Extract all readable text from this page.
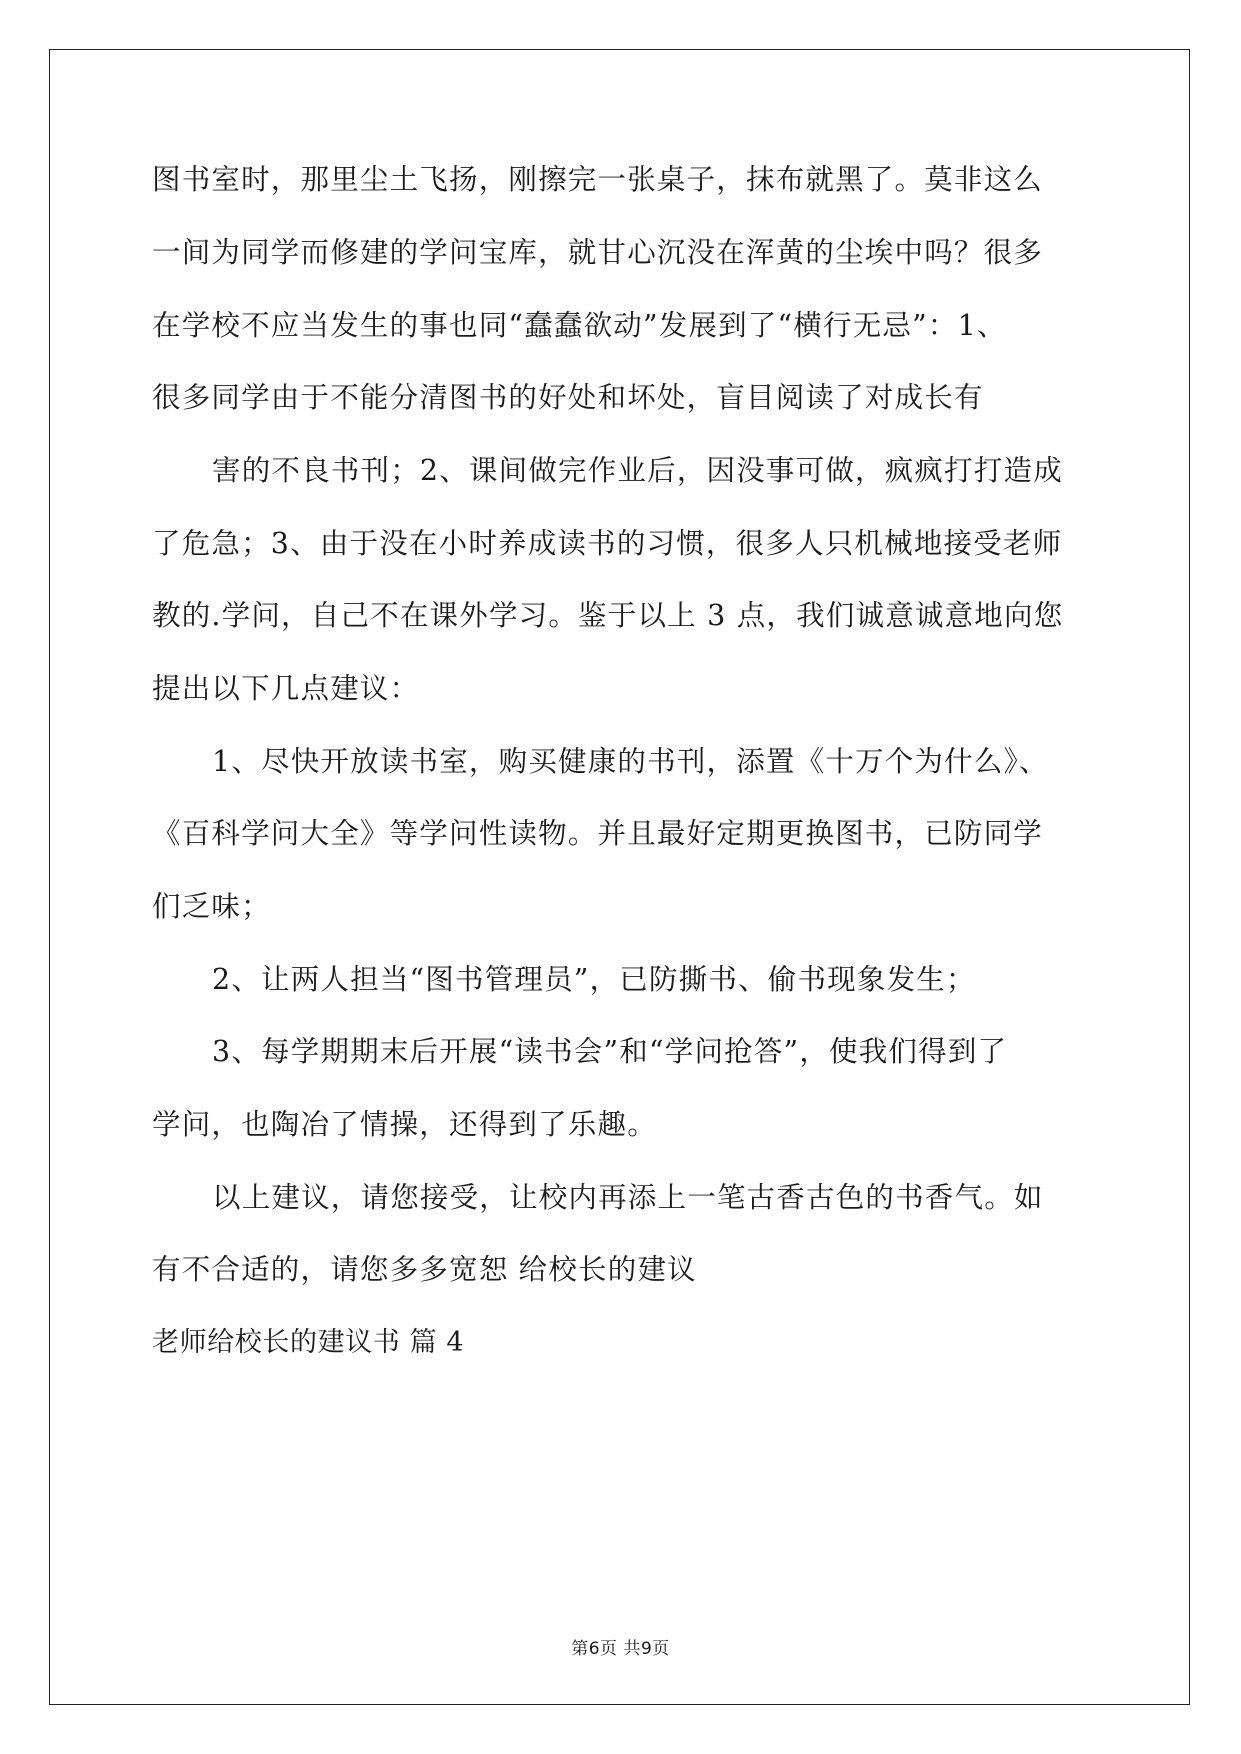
图书室时，那里尘土飞扬，刚擦完一张桌子，抹布就黑了。莫非这么

一间为同学而修建的学问宝库，就甘心沉没在浑黄的尘埃中吗？很多

在学校不应当发生的事也同“蠢蠢欲动”发展到了“横行无忌”：1、

很多同学由于不能分清图书的好处和坏处，盲目阅读了对成长有

害的不良书刊；2、课间做完作业后，因没事可做，疯疯打打造成

了危急；3、由于没在小时养成读书的习惯，很多人只机械地接受老师

教的.学问，自己不在课外学习。鉴于以上 3 点，我们诚意诚意地向您

提出以下几点建议：

1、尽快开放读书室，购买健康的书刊，添置《十万个为什么》、

《百科学问大全》等学问性读物。并且最好定期更换图书，已防同学

们乏味；

2、让两人担当“图书管理员”，已防撕书、偷书现象发生；

3、每学期期末后开展“读书会”和“学问抢答”，使我们得到了

学问，也陶冶了情操，还得到了乐趣。

以上建议，请您接受，让校内再添上一笔古香古色的书香气。如

有不合适的，请您多多宽恕 给校长的建议

老师给校长的建议书 篇 4

第6页 共9页
